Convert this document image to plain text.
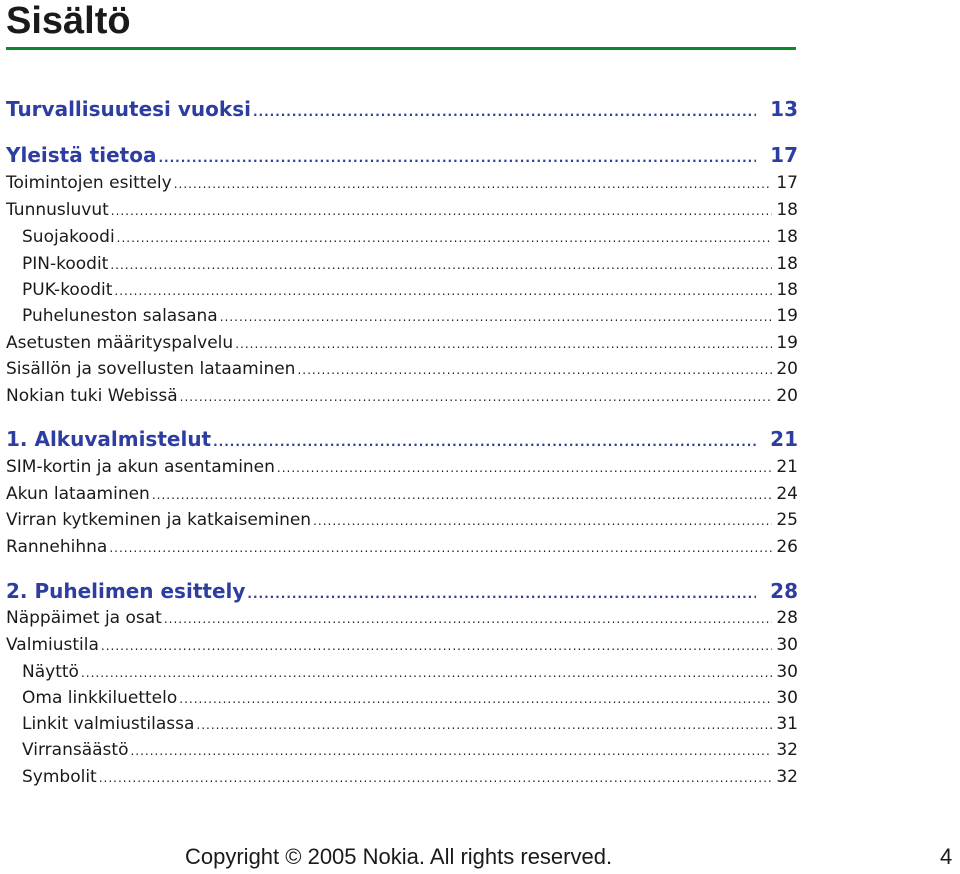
Sisältö
Turvallisuutesi vuoksi .....	13
Yleistä tietoa .....	17
Toimintojen esittely .....	17
Tunnusluvut .....	18
Suojakoodi .....	18
PIN-koodit .....	18
PUK-koodit .....	18
Puheluneston salasana .....	19
Asetusten määrityspalvelu .....	19
Sisällön ja sovellusten lataaminen .....	20
Nokian tuki Webissä .....	20
1. Alkuvalmistelut .....	21
SIM-kortin ja akun asentaminen .....	21
Akun lataaminen .....	24
Virran kytkeminen ja katkaiseminen .....	25
Rannehihna .....	26
2. Puhelimen esittely .....	28
Näppäimet ja osat .....	28
Valmiustila .....	30
Näyttö .....	30
Oma linkkiluettelo .....	30
Linkit valmiustilassa .....	31
Virransäästö .....	32
Symbolit .....	32
Copyright © 2005 Nokia. All rights reserved.	4
